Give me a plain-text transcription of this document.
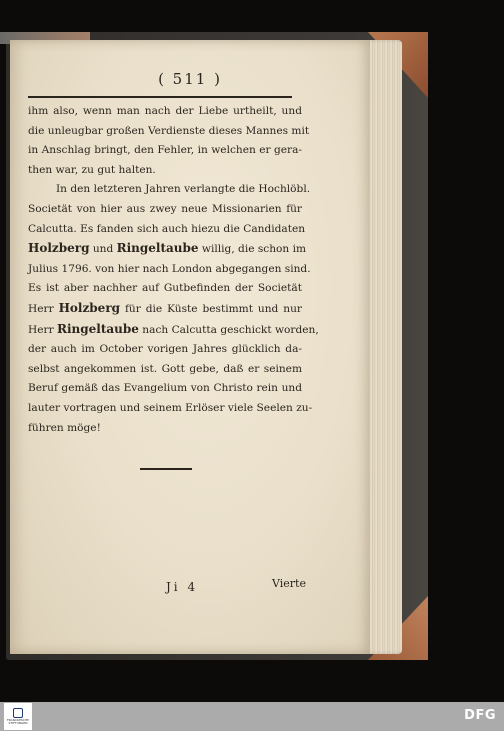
( 511 )
ihm also, wenn man nach der Liebe urtheilt, und
die unleugbar großen Verdienste dieses Mannes mit
in Anschlag bringt, den Fehler, in welchen er gera-
then war, zu gut halten.
In den letzteren Jahren verlangte die Hochlöbl.
Societät von hier aus zwey neue Missionarien für
Calcutta. Es fanden sich auch hiezu die Candidaten
Holzberg und Ringeltaube willig, die schon im
Julius 1796. von hier nach London abgegangen sind.
Es ist aber nachher auf Gutbefinden der Societät
Herr Holzberg für die Küste bestimmt und nur
Herr Ringeltaube nach Calcutta geschickt worden,
der auch im October vorigen Jahres glücklich da-
selbst angekommen ist. Gott gebe, daß er seinem
Beruf gemäß das Evangelium von Christo rein und
lauter vortragen und seinem Erlöser viele Seelen zu-
führen möge!
Ji 4	Vierte
FRANCKESCHE
STIFTUNGEN	DFG
